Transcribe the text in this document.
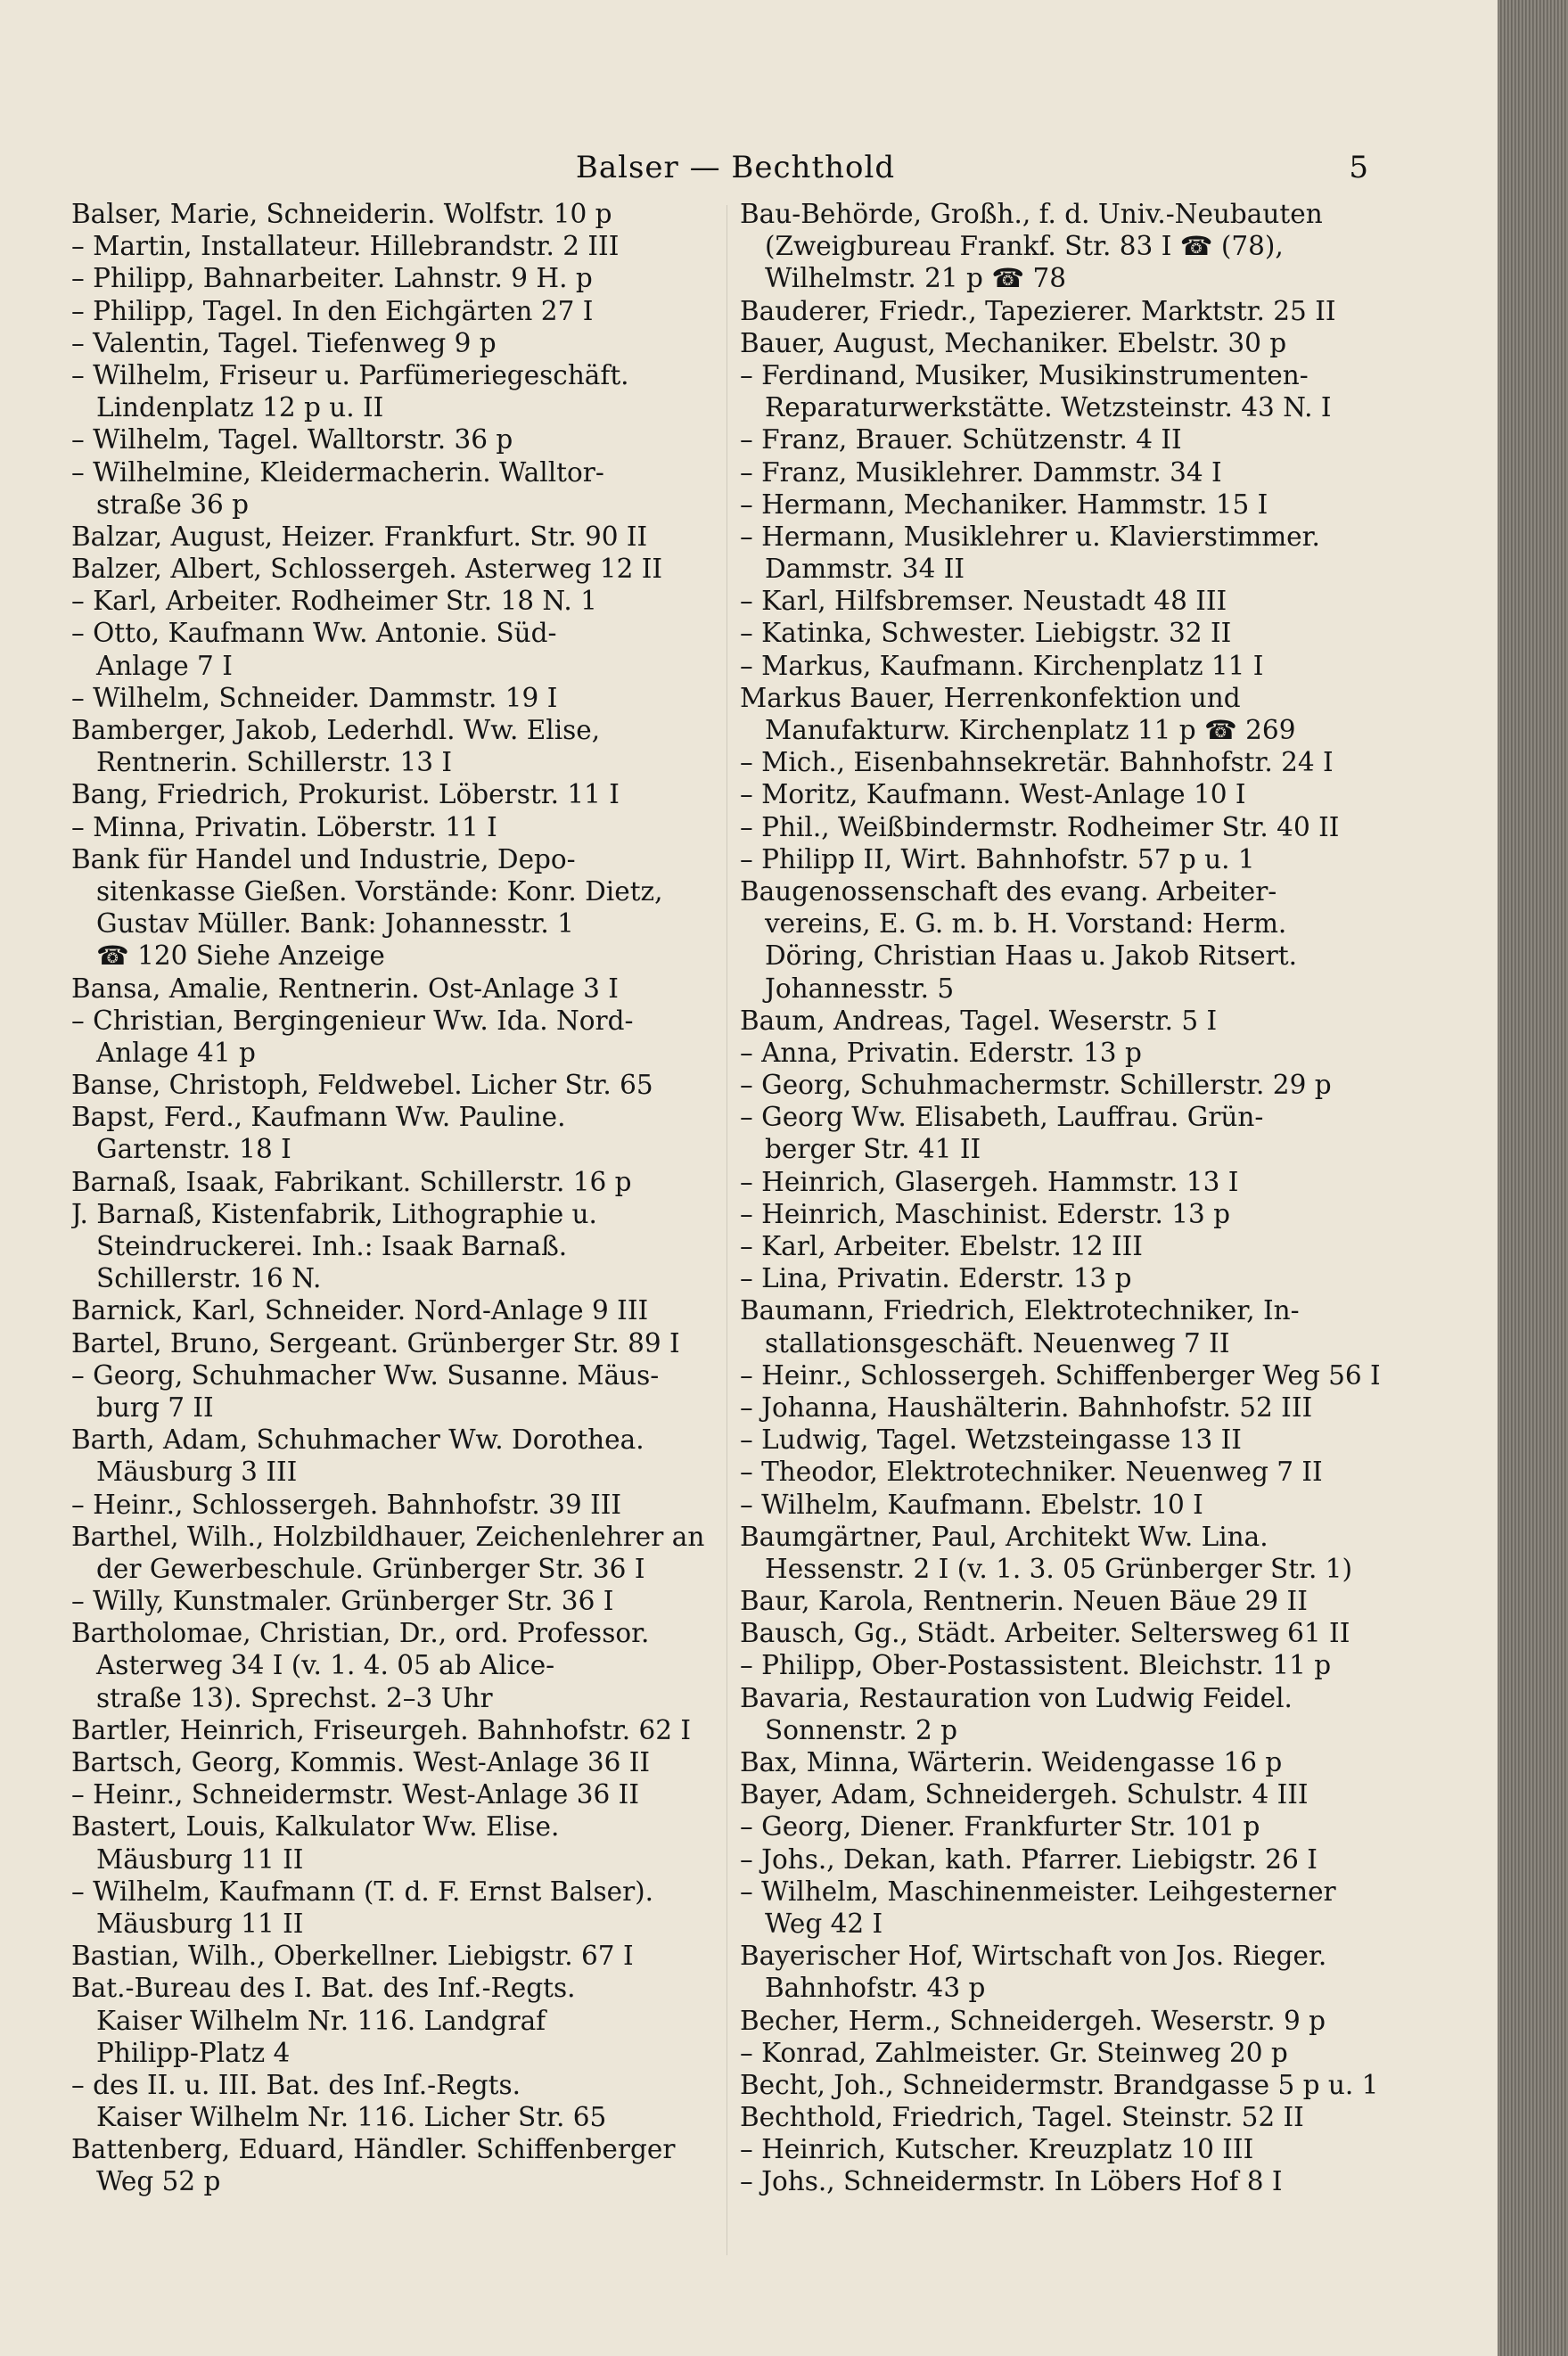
Balser — Bechthold	5
Balser, Marie, Schneiderin. Wolfstr. 10 p
– Martin, Installateur. Hillebrandstr. 2 III
– Philipp, Bahnarbeiter. Lahnstr. 9 H. p
– Philipp, Tagel. In den Eichgärten 27 I
– Valentin, Tagel. Tiefenweg 9 p
– Wilhelm, Friseur u. Parfümeriegeschäft.
Lindenplatz 12 p u. II
– Wilhelm, Tagel. Walltorstr. 36 p
– Wilhelmine, Kleidermacherin. Walltor-
straße 36 p
Balzar, August, Heizer. Frankfurt. Str. 90 II
Balzer, Albert, Schlossergeh. Asterweg 12 II
– Karl, Arbeiter. Rodheimer Str. 18 N. 1
– Otto, Kaufmann Ww. Antonie. Süd-
Anlage 7 I
– Wilhelm, Schneider. Dammstr. 19 I
Bamberger, Jakob, Lederhdl. Ww. Elise,
Rentnerin. Schillerstr. 13 I
Bang, Friedrich, Prokurist. Löberstr. 11 I
– Minna, Privatin. Löberstr. 11 I
Bank für Handel und Industrie, Depo-
sitenkasse Gießen. Vorstände: Konr. Dietz,
Gustav Müller. Bank: Johannesstr. 1
☎ 120 Siehe Anzeige
Bansa, Amalie, Rentnerin. Ost-Anlage 3 I
– Christian, Bergingenieur Ww. Ida. Nord-
Anlage 41 p
Banse, Christoph, Feldwebel. Licher Str. 65
Bapst, Ferd., Kaufmann Ww. Pauline.
Gartenstr. 18 I
Barnaß, Isaak, Fabrikant. Schillerstr. 16 p
J. Barnaß, Kistenfabrik, Lithographie u.
Steindruckerei. Inh.: Isaak Barnaß.
Schillerstr. 16 N.
Barnick, Karl, Schneider. Nord-Anlage 9 III
Bartel, Bruno, Sergeant. Grünberger Str. 89 I
– Georg, Schuhmacher Ww. Susanne. Mäus-
burg 7 II
Barth, Adam, Schuhmacher Ww. Dorothea.
Mäusburg 3 III
– Heinr., Schlossergeh. Bahnhofstr. 39 III
Barthel, Wilh., Holzbildhauer, Zeichenlehrer an
der Gewerbeschule. Grünberger Str. 36 I
– Willy, Kunstmaler. Grünberger Str. 36 I
Bartholomae, Christian, Dr., ord. Professor.
Asterweg 34 I (v. 1. 4. 05 ab Alice-
straße 13). Sprechst. 2–3 Uhr
Bartler, Heinrich, Friseurgeh. Bahnhofstr. 62 I
Bartsch, Georg, Kommis. West-Anlage 36 II
– Heinr., Schneidermstr. West-Anlage 36 II
Bastert, Louis, Kalkulator Ww. Elise.
Mäusburg 11 II
– Wilhelm, Kaufmann (T. d. F. Ernst Balser).
Mäusburg 11 II
Bastian, Wilh., Oberkellner. Liebigstr. 67 I
Bat.-Bureau des I. Bat. des Inf.-Regts.
Kaiser Wilhelm Nr. 116. Landgraf
Philipp-Platz 4
– des II. u. III. Bat. des Inf.-Regts.
Kaiser Wilhelm Nr. 116. Licher Str. 65
Battenberg, Eduard, Händler. Schiffenberger
Weg 52 p
Bau-Behörde, Großh., f. d. Univ.-Neubauten
(Zweigbureau Frankf. Str. 83 I ☎ (78),
Wilhelmstr. 21 p ☎ 78
Bauderer, Friedr., Tapezierer. Marktstr. 25 II
Bauer, August, Mechaniker. Ebelstr. 30 p
– Ferdinand, Musiker, Musikinstrumenten-
Reparaturwerkstätte. Wetzsteinstr. 43 N. I
– Franz, Brauer. Schützenstr. 4 II
– Franz, Musiklehrer. Dammstr. 34 I
– Hermann, Mechaniker. Hammstr. 15 I
– Hermann, Musiklehrer u. Klavierstimmer.
Dammstr. 34 II
– Karl, Hilfsbremser. Neustadt 48 III
– Katinka, Schwester. Liebigstr. 32 II
– Markus, Kaufmann. Kirchenplatz 11 I
Markus Bauer, Herrenkonfektion und
Manufakturw. Kirchenplatz 11 p ☎ 269
– Mich., Eisenbahnsekretär. Bahnhofstr. 24 I
– Moritz, Kaufmann. West-Anlage 10 I
– Phil., Weißbindermstr. Rodheimer Str. 40 II
– Philipp II, Wirt. Bahnhofstr. 57 p u. 1
Baugenossenschaft des evang. Arbeiter-
vereins, E. G. m. b. H. Vorstand: Herm.
Döring, Christian Haas u. Jakob Ritsert.
Johannesstr. 5
Baum, Andreas, Tagel. Weserstr. 5 I
– Anna, Privatin. Ederstr. 13 p
– Georg, Schuhmachermstr. Schillerstr. 29 p
– Georg Ww. Elisabeth, Lauffrau. Grün-
berger Str. 41 II
– Heinrich, Glasergeh. Hammstr. 13 I
– Heinrich, Maschinist. Ederstr. 13 p
– Karl, Arbeiter. Ebelstr. 12 III
– Lina, Privatin. Ederstr. 13 p
Baumann, Friedrich, Elektrotechniker, In-
stallationsgeschäft. Neuenweg 7 II
– Heinr., Schlossergeh. Schiffenberger Weg 56 I
– Johanna, Haushälterin. Bahnhofstr. 52 III
– Ludwig, Tagel. Wetzsteingasse 13 II
– Theodor, Elektrotechniker. Neuenweg 7 II
– Wilhelm, Kaufmann. Ebelstr. 10 I
Baumgärtner, Paul, Architekt Ww. Lina.
Hessenstr. 2 I (v. 1. 3. 05 Grünberger Str. 1)
Baur, Karola, Rentnerin. Neuen Bäue 29 II
Bausch, Gg., Städt. Arbeiter. Seltersweg 61 II
– Philipp, Ober-Postassistent. Bleichstr. 11 p
Bavaria, Restauration von Ludwig Feidel.
Sonnenstr. 2 p
Bax, Minna, Wärterin. Weidengasse 16 p
Bayer, Adam, Schneidergeh. Schulstr. 4 III
– Georg, Diener. Frankfurter Str. 101 p
– Johs., Dekan, kath. Pfarrer. Liebigstr. 26 I
– Wilhelm, Maschinenmeister. Leihgesterner
Weg 42 I
Bayerischer Hof, Wirtschaft von Jos. Rieger.
Bahnhofstr. 43 p
Becher, Herm., Schneidergeh. Weserstr. 9 p
– Konrad, Zahlmeister. Gr. Steinweg 20 p
Becht, Joh., Schneidermstr. Brandgasse 5 p u. 1
Bechthold, Friedrich, Tagel. Steinstr. 52 II
– Heinrich, Kutscher. Kreuzplatz 10 III
– Johs., Schneidermstr. In Löbers Hof 8 I
